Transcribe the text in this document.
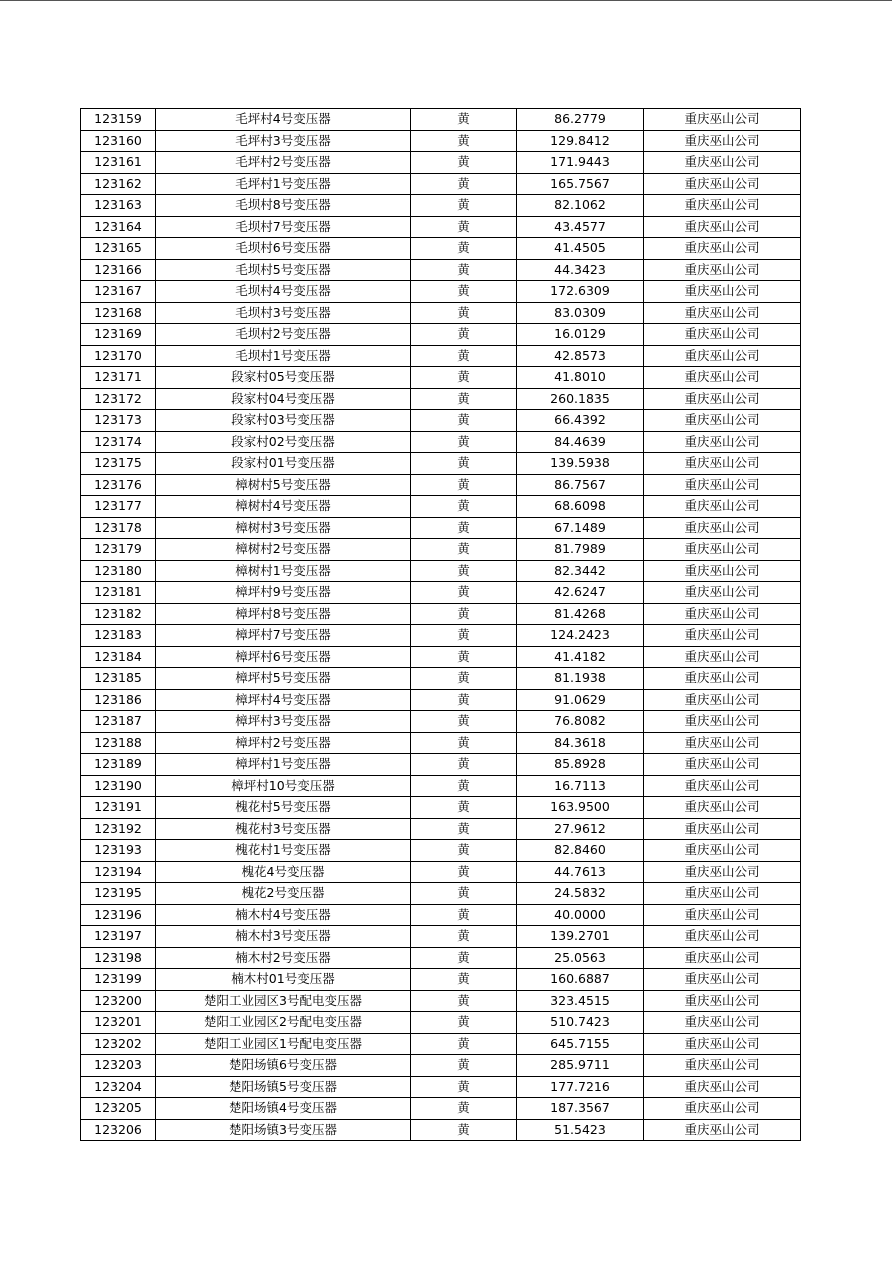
123159	毛坪村4号变压器	黄	86.2779	重庆巫山公司
123160	毛坪村3号变压器	黄	129.8412	重庆巫山公司
123161	毛坪村2号变压器	黄	171.9443	重庆巫山公司
123162	毛坪村1号变压器	黄	165.7567	重庆巫山公司
123163	毛坝村8号变压器	黄	82.1062	重庆巫山公司
123164	毛坝村7号变压器	黄	43.4577	重庆巫山公司
123165	毛坝村6号变压器	黄	41.4505	重庆巫山公司
123166	毛坝村5号变压器	黄	44.3423	重庆巫山公司
123167	毛坝村4号变压器	黄	172.6309	重庆巫山公司
123168	毛坝村3号变压器	黄	83.0309	重庆巫山公司
123169	毛坝村2号变压器	黄	16.0129	重庆巫山公司
123170	毛坝村1号变压器	黄	42.8573	重庆巫山公司
123171	段家村05号变压器	黄	41.8010	重庆巫山公司
123172	段家村04号变压器	黄	260.1835	重庆巫山公司
123173	段家村03号变压器	黄	66.4392	重庆巫山公司
123174	段家村02号变压器	黄	84.4639	重庆巫山公司
123175	段家村01号变压器	黄	139.5938	重庆巫山公司
123176	樟树村5号变压器	黄	86.7567	重庆巫山公司
123177	樟树村4号变压器	黄	68.6098	重庆巫山公司
123178	樟树村3号变压器	黄	67.1489	重庆巫山公司
123179	樟树村2号变压器	黄	81.7989	重庆巫山公司
123180	樟树村1号变压器	黄	82.3442	重庆巫山公司
123181	樟坪村9号变压器	黄	42.6247	重庆巫山公司
123182	樟坪村8号变压器	黄	81.4268	重庆巫山公司
123183	樟坪村7号变压器	黄	124.2423	重庆巫山公司
123184	樟坪村6号变压器	黄	41.4182	重庆巫山公司
123185	樟坪村5号变压器	黄	81.1938	重庆巫山公司
123186	樟坪村4号变压器	黄	91.0629	重庆巫山公司
123187	樟坪村3号变压器	黄	76.8082	重庆巫山公司
123188	樟坪村2号变压器	黄	84.3618	重庆巫山公司
123189	樟坪村1号变压器	黄	85.8928	重庆巫山公司
123190	樟坪村10号变压器	黄	16.7113	重庆巫山公司
123191	槐花村5号变压器	黄	163.9500	重庆巫山公司
123192	槐花村3号变压器	黄	27.9612	重庆巫山公司
123193	槐花村1号变压器	黄	82.8460	重庆巫山公司
123194	槐花4号变压器	黄	44.7613	重庆巫山公司
123195	槐花2号变压器	黄	24.5832	重庆巫山公司
123196	楠木村4号变压器	黄	40.0000	重庆巫山公司
123197	楠木村3号变压器	黄	139.2701	重庆巫山公司
123198	楠木村2号变压器	黄	25.0563	重庆巫山公司
123199	楠木村01号变压器	黄	160.6887	重庆巫山公司
123200	楚阳工业园区3号配电变压器	黄	323.4515	重庆巫山公司
123201	楚阳工业园区2号配电变压器	黄	510.7423	重庆巫山公司
123202	楚阳工业园区1号配电变压器	黄	645.7155	重庆巫山公司
123203	楚阳场镇6号变压器	黄	285.9711	重庆巫山公司
123204	楚阳场镇5号变压器	黄	177.7216	重庆巫山公司
123205	楚阳场镇4号变压器	黄	187.3567	重庆巫山公司
123206	楚阳场镇3号变压器	黄	51.5423	重庆巫山公司
